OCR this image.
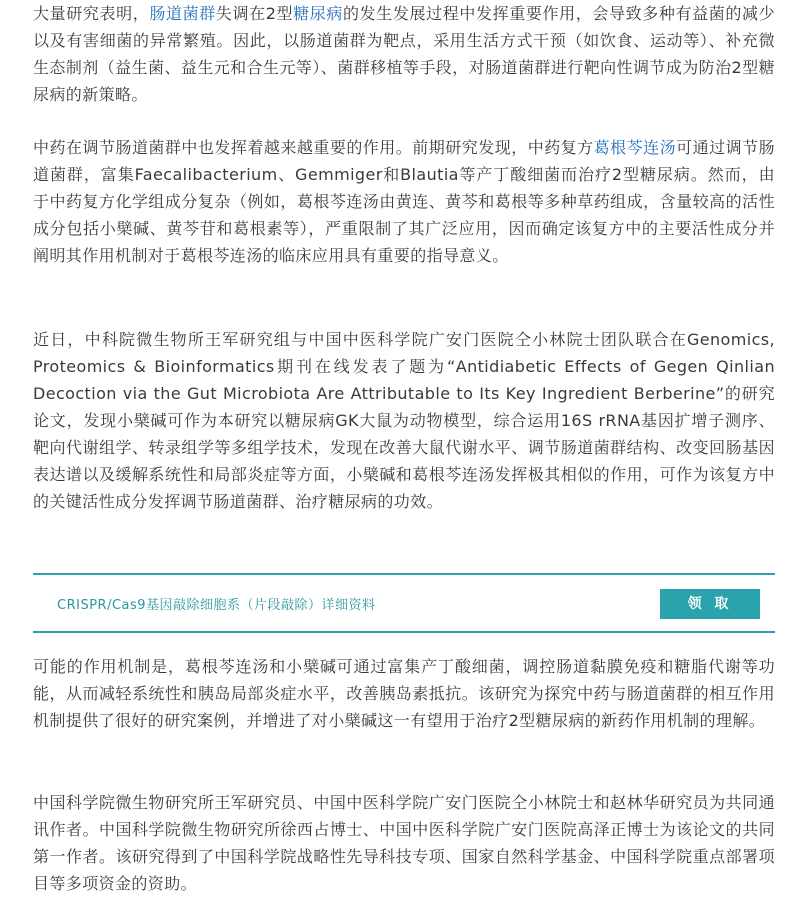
大量研究表明，肠道菌群失调在2型糖尿病的发生发展过程中发挥重要作用，会导致多种有益菌的减少以及有害细菌的异常繁殖。因此，以肠道菌群为靶点，采用生活方式干预（如饮食、运动等）、补充微生态制剂（益生菌、益生元和合生元等）、菌群移植等手段，对肠道菌群进行靶向性调节成为防治2型糖尿病的新策略。

中药在调节肠道菌群中也发挥着越来越重要的作用。前期研究发现，中药复方葛根芩连汤可通过调节肠道菌群，富集Faecalibacterium、Gemmiger和Blautia等产丁酸细菌而治疗2型糖尿病。然而，由于中药复方化学组成分复杂（例如，葛根芩连汤由黄连、黄芩和葛根等多种草药组成，含量较高的活性成分包括小檗碱、黄芩苷和葛根素等），严重限制了其广泛应用，因而确定该复方中的主要活性成分并阐明其作用机制对于葛根芩连汤的临床应用具有重要的指导意义。

近日，中科院微生物所王军研究组与中国中医科学院广安门医院仝小林院士团队联合在Genomics, Proteomics & Bioinformatics期刊在线发表了题为“Antidiabetic Effects of Gegen Qinlian Decoction via the Gut Microbiota Are Attributable to Its Key Ingredient Berberine”的研究论文，发现小檗碱可作为本研究以糖尿病GK大鼠为动物模型，综合运用16S rRNA基因扩增子测序、靶向代谢组学、转录组学等多组学技术，发现在改善大鼠代谢水平、调节肠道菌群结构、改变回肠基因表达谱以及缓解系统性和局部炎症等方面，小檗碱和葛根芩连汤发挥极其相似的作用，可作为该复方中的关键活性成分发挥调节肠道菌群、治疗糖尿病的功效。

CRISPR/Cas9基因敲除细胞系（片段敲除）详细资料	领 取

可能的作用机制是，葛根芩连汤和小檗碱可通过富集产丁酸细菌，调控肠道黏膜免疫和糖脂代谢等功能，从而减轻系统性和胰岛局部炎症水平，改善胰岛素抵抗。该研究为探究中药与肠道菌群的相互作用机制提供了很好的研究案例，并增进了对小檗碱这一有望用于治疗2型糖尿病的新药作用机制的理解。

中国科学院微生物研究所王军研究员、中国中医科学院广安门医院仝小林院士和赵林华研究员为共同通讯作者。中国科学院微生物研究所徐西占博士、中国中医科学院广安门医院高泽正博士为该论文的共同第一作者。该研究得到了中国科学院战略性先导科技专项、国家自然科学基金、中国科学院重点部署项目等多项资金的资助。
